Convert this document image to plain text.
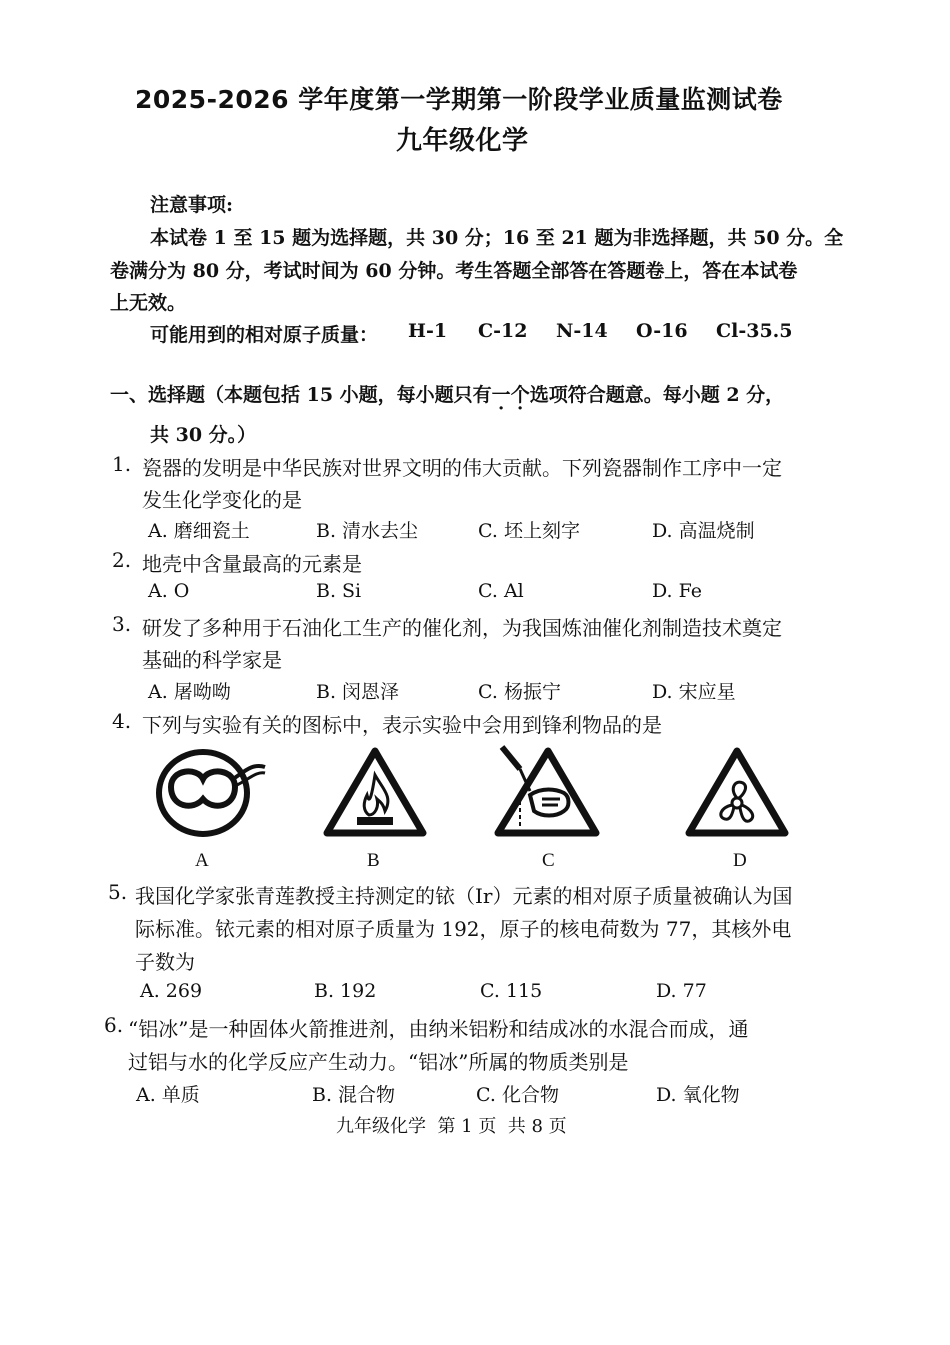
2025-2026 学年度第一学期第一阶段学业质量监测试卷
九年级化学
注意事项:
本试卷 1 至 15 题为选择题，共 30 分；16 至 21 题为非选择题，共 50 分。全
卷满分为 80 分，考试时间为 60 分钟。考生答题全部答在答题卷上，答在本试卷
上无效。
可能用到的相对原子质量： H-1 C-12 N-14 O-16 Cl-35.5
一、选择题（本题包括 15 小题，每小题只有一个选项符合题意。每小题 2 分，
共 30 分。）
1. 瓷器的发明是中华民族对世界文明的伟大贡献。下列瓷器制作工序中一定
发生化学变化的是
A. 磨细瓷土	B. 清水去尘	C. 坯上刻字	D. 高温烧制
2. 地壳中含量最高的元素是
A. O	B. Si	C. Al	D. Fe
3. 研发了多种用于石油化工生产的催化剂，为我国炼油催化剂制造技术奠定
基础的科学家是
A. 屠呦呦	B. 闵恩泽	C. 杨振宁	D. 宋应星
4. 下列与实验有关的图标中，表示实验中会用到锋利物品的是
A	B	C	D
5. 我国化学家张青莲教授主持测定的铱（Ir）元素的相对原子质量被确认为国
际标准。铱元素的相对原子质量为 192，原子的核电荷数为 77，其核外电
子数为
A. 269	B. 192	C. 115	D. 77
6. “铝冰”是一种固体火箭推进剂，由纳米铝粉和结成冰的水混合而成，通
过铝与水的化学反应产生动力。“铝冰”所属的物质类别是
A. 单质	B. 混合物	C. 化合物	D. 氧化物
九年级化学  第 1 页  共 8 页
